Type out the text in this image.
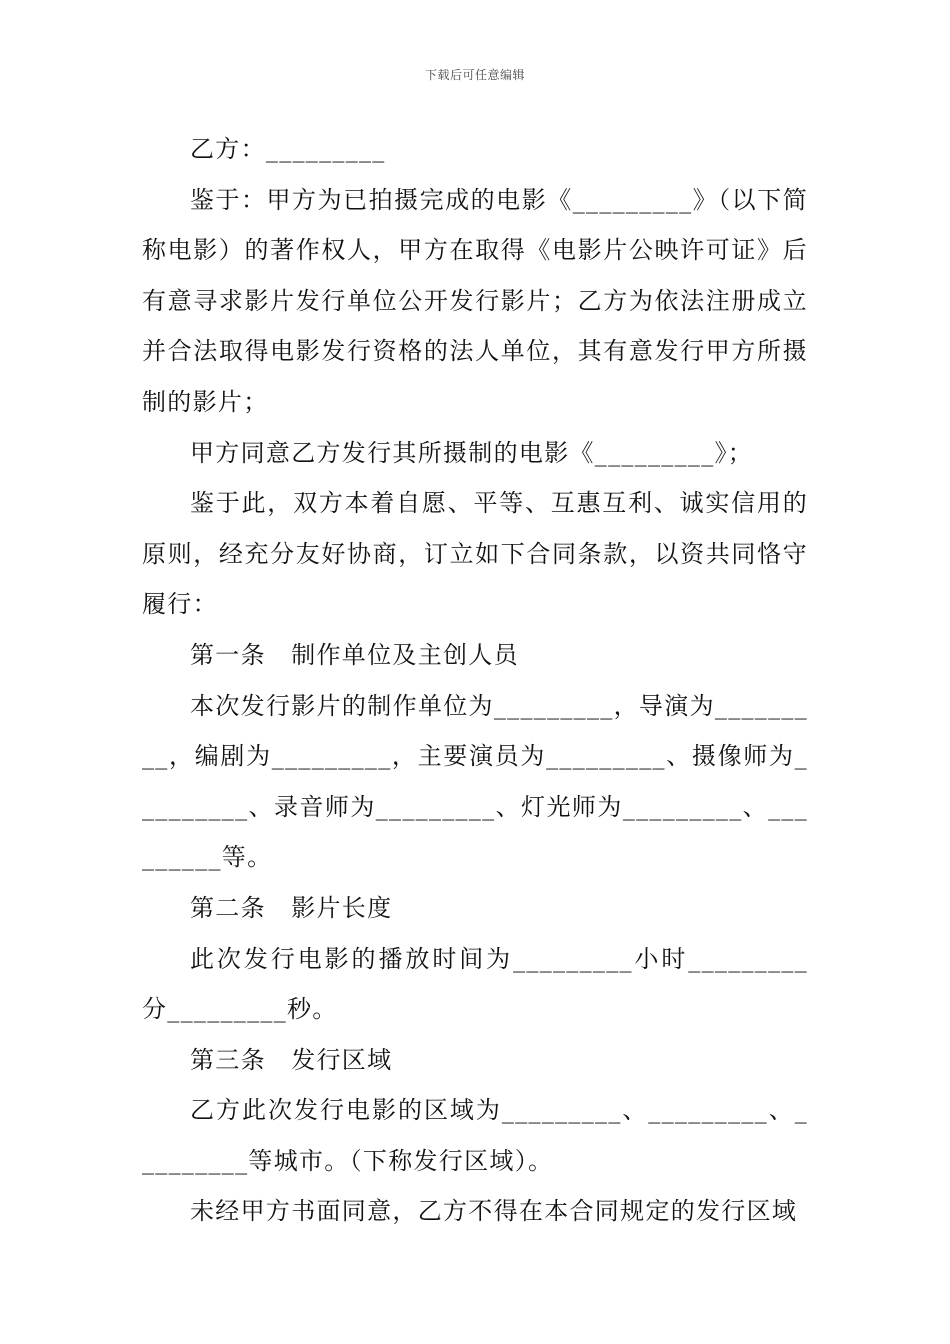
下载后可任意编辑

乙方：_________

鉴于：甲方为已拍摄完成的电影《_________》（以下简称电影）的著作权人，甲方在取得《电影片公映许可证》后有意寻求影片发行单位公开发行影片；乙方为依法注册成立并合法取得电影发行资格的法人单位，其有意发行甲方所摄制的影片；

甲方同意乙方发行其所摄制的电影《_________》；

鉴于此，双方本着自愿、平等、互惠互利、诚实信用的原则，经充分友好协商，订立如下合同条款，以资共同恪守履行：

第一条　制作单位及主创人员

本次发行影片的制作单位为_________，导演为_________，编剧为_________，主要演员为_________、摄像师为_________、录音师为_________、灯光师为_________、_________等。

第二条　影片长度

此次发行电影的播放时间为_________小时_________分_________秒。

第三条　发行区域

乙方此次发行电影的区域为_________、_________、_________等城市。（下称发行区域）。

未经甲方书面同意，乙方不得在本合同规定的发行区域
